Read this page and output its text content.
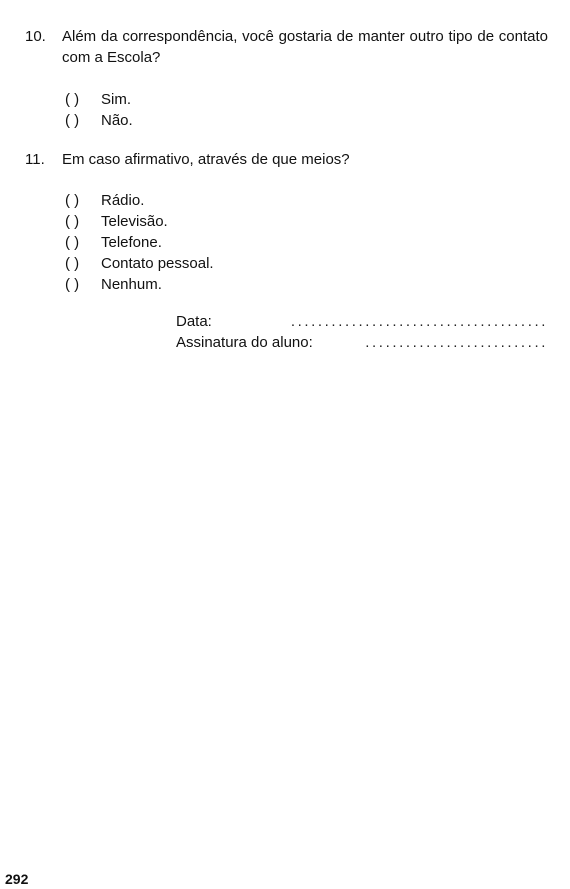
10. Além da correspondência, você gostaria de manter outro tipo de contato com a Escola?
( )	Sim.
( )	Não.
11. Em caso afirmativo, através de que meios?
( )	Rádio.
( )	Televisão.
( )	Telefone.
( )	Contato pessoal.
( )	Nenhum.
Data:	......................................
Assinatura do aluno:	...........................
292
